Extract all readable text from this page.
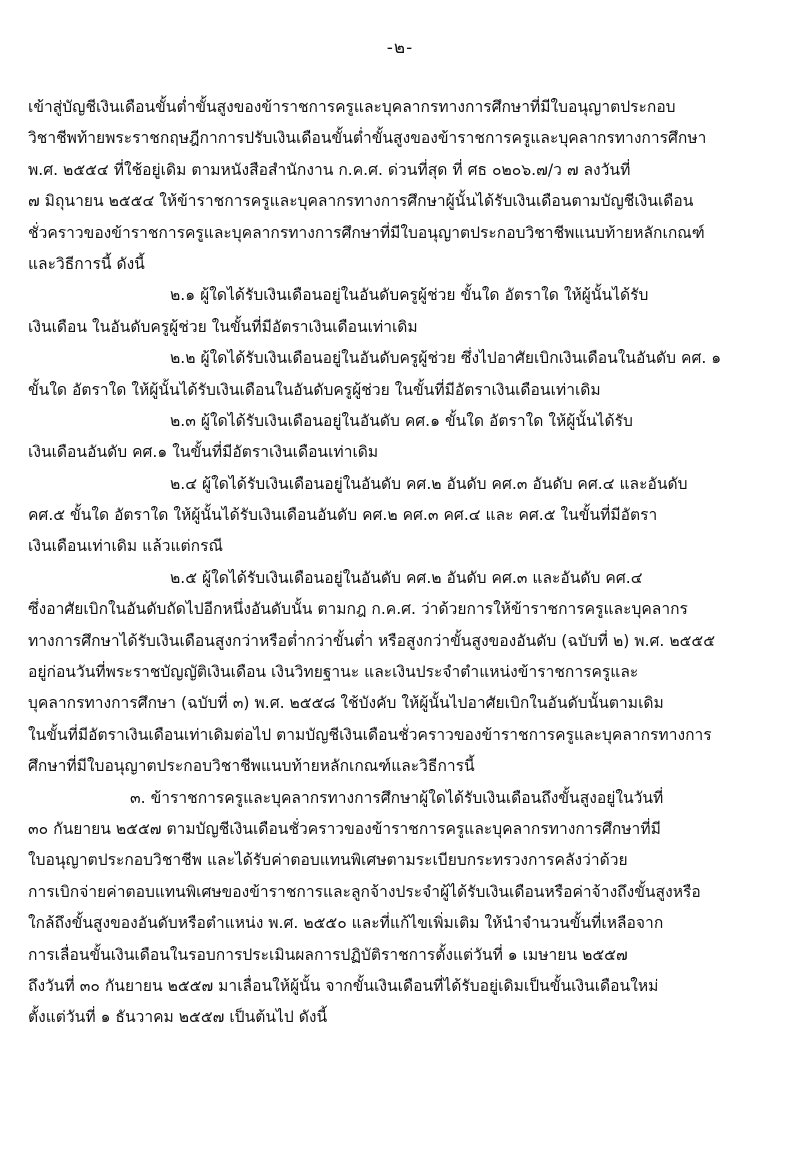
-๒-
เข้าสู่บัญชีเงินเดือนขั้นต่ำขั้นสูงของข้าราชการครูและบุคลากรทางการศึกษาที่มีใบอนุญาตประกอบ
วิชาชีพท้ายพระราชกฤษฎีกาการปรับเงินเดือนขั้นต่ำขั้นสูงของข้าราชการครูและบุคลากรทางการศึกษา
พ.ศ. ๒๕๕๔ ที่ใช้อยู่เดิม ตามหนังสือสำนักงาน ก.ค.ศ. ด่วนที่สุด ที่ ศธ ๐๒๐๖.๗/ว ๗ ลงวันที่
๗ มิถุนายน ๒๕๕๔ ให้ข้าราชการครูและบุคลากรทางการศึกษาผู้นั้นได้รับเงินเดือนตามบัญชีเงินเดือน
ชั่วคราวของข้าราชการครูและบุคลากรทางการศึกษาที่มีใบอนุญาตประกอบวิชาชีพแนบท้ายหลักเกณฑ์
และวิธีการนี้ ดังนี้
๒.๑ ผู้ใดได้รับเงินเดือนอยู่ในอันดับครูผู้ช่วย ขั้นใด อัตราใด ให้ผู้นั้นได้รับ
เงินเดือน ในอันดับครูผู้ช่วย ในขั้นที่มีอัตราเงินเดือนเท่าเดิม
๒.๒ ผู้ใดได้รับเงินเดือนอยู่ในอันดับครูผู้ช่วย ซึ่งไปอาศัยเบิกเงินเดือนในอันดับ คศ. ๑
ขั้นใด อัตราใด ให้ผู้นั้นได้รับเงินเดือนในอันดับครูผู้ช่วย ในขั้นที่มีอัตราเงินเดือนเท่าเดิม
๒.๓ ผู้ใดได้รับเงินเดือนอยู่ในอันดับ คศ.๑ ขั้นใด อัตราใด ให้ผู้นั้นได้รับ
เงินเดือนอันดับ คศ.๑ ในขั้นที่มีอัตราเงินเดือนเท่าเดิม
๒.๔ ผู้ใดได้รับเงินเดือนอยู่ในอันดับ คศ.๒ อันดับ คศ.๓ อันดับ คศ.๔ และอันดับ
คศ.๕ ขั้นใด อัตราใด ให้ผู้นั้นได้รับเงินเดือนอันดับ คศ.๒ คศ.๓ คศ.๔ และ คศ.๕ ในขั้นที่มีอัตรา
เงินเดือนเท่าเดิม แล้วแต่กรณี
๒.๕ ผู้ใดได้รับเงินเดือนอยู่ในอันดับ คศ.๒ อันดับ คศ.๓ และอันดับ คศ.๔
ซึ่งอาศัยเบิกในอันดับถัดไปอีกหนึ่งอันดับนั้น ตามกฎ ก.ค.ศ. ว่าด้วยการให้ข้าราชการครูและบุคลากร
ทางการศึกษาได้รับเงินเดือนสูงกว่าหรือต่ำกว่าขั้นต่ำ หรือสูงกว่าขั้นสูงของอันดับ (ฉบับที่ ๒) พ.ศ. ๒๕๕๕
อยู่ก่อนวันที่พระราชบัญญัติเงินเดือน เงินวิทยฐานะ และเงินประจำตำแหน่งข้าราชการครูและ
บุคลากรทางการศึกษา (ฉบับที่ ๓) พ.ศ. ๒๕๕๘ ใช้บังคับ ให้ผู้นั้นไปอาศัยเบิกในอันดับนั้นตามเดิม
ในขั้นที่มีอัตราเงินเดือนเท่าเดิมต่อไป ตามบัญชีเงินเดือนชั่วคราวของข้าราชการครูและบุคลากรทางการ
ศึกษาที่มีใบอนุญาตประกอบวิชาชีพแนบท้ายหลักเกณฑ์และวิธีการนี้
๓. ข้าราชการครูและบุคลากรทางการศึกษาผู้ใดได้รับเงินเดือนถึงขั้นสูงอยู่ในวันที่
๓๐ กันยายน ๒๕๕๗ ตามบัญชีเงินเดือนชั่วคราวของข้าราชการครูและบุคลากรทางการศึกษาที่มี
ใบอนุญาตประกอบวิชาชีพ และได้รับค่าตอบแทนพิเศษตามระเบียบกระทรวงการคลังว่าด้วย
การเบิกจ่ายค่าตอบแทนพิเศษของข้าราชการและลูกจ้างประจำผู้ได้รับเงินเดือนหรือค่าจ้างถึงขั้นสูงหรือ
ใกล้ถึงขั้นสูงของอันดับหรือตำแหน่ง พ.ศ. ๒๕๕๐ และที่แก้ไขเพิ่มเติม ให้นำจำนวนขั้นที่เหลือจาก
การเลื่อนขั้นเงินเดือนในรอบการประเมินผลการปฏิบัติราชการตั้งแต่วันที่ ๑ เมษายน ๒๕๕๗
ถึงวันที่ ๓๐ กันยายน ๒๕๕๗ มาเลื่อนให้ผู้นั้น จากขั้นเงินเดือนที่ได้รับอยู่เดิมเป็นขั้นเงินเดือนใหม่
ตั้งแต่วันที่ ๑ ธันวาคม ๒๕๕๗ เป็นต้นไป ดังนี้
